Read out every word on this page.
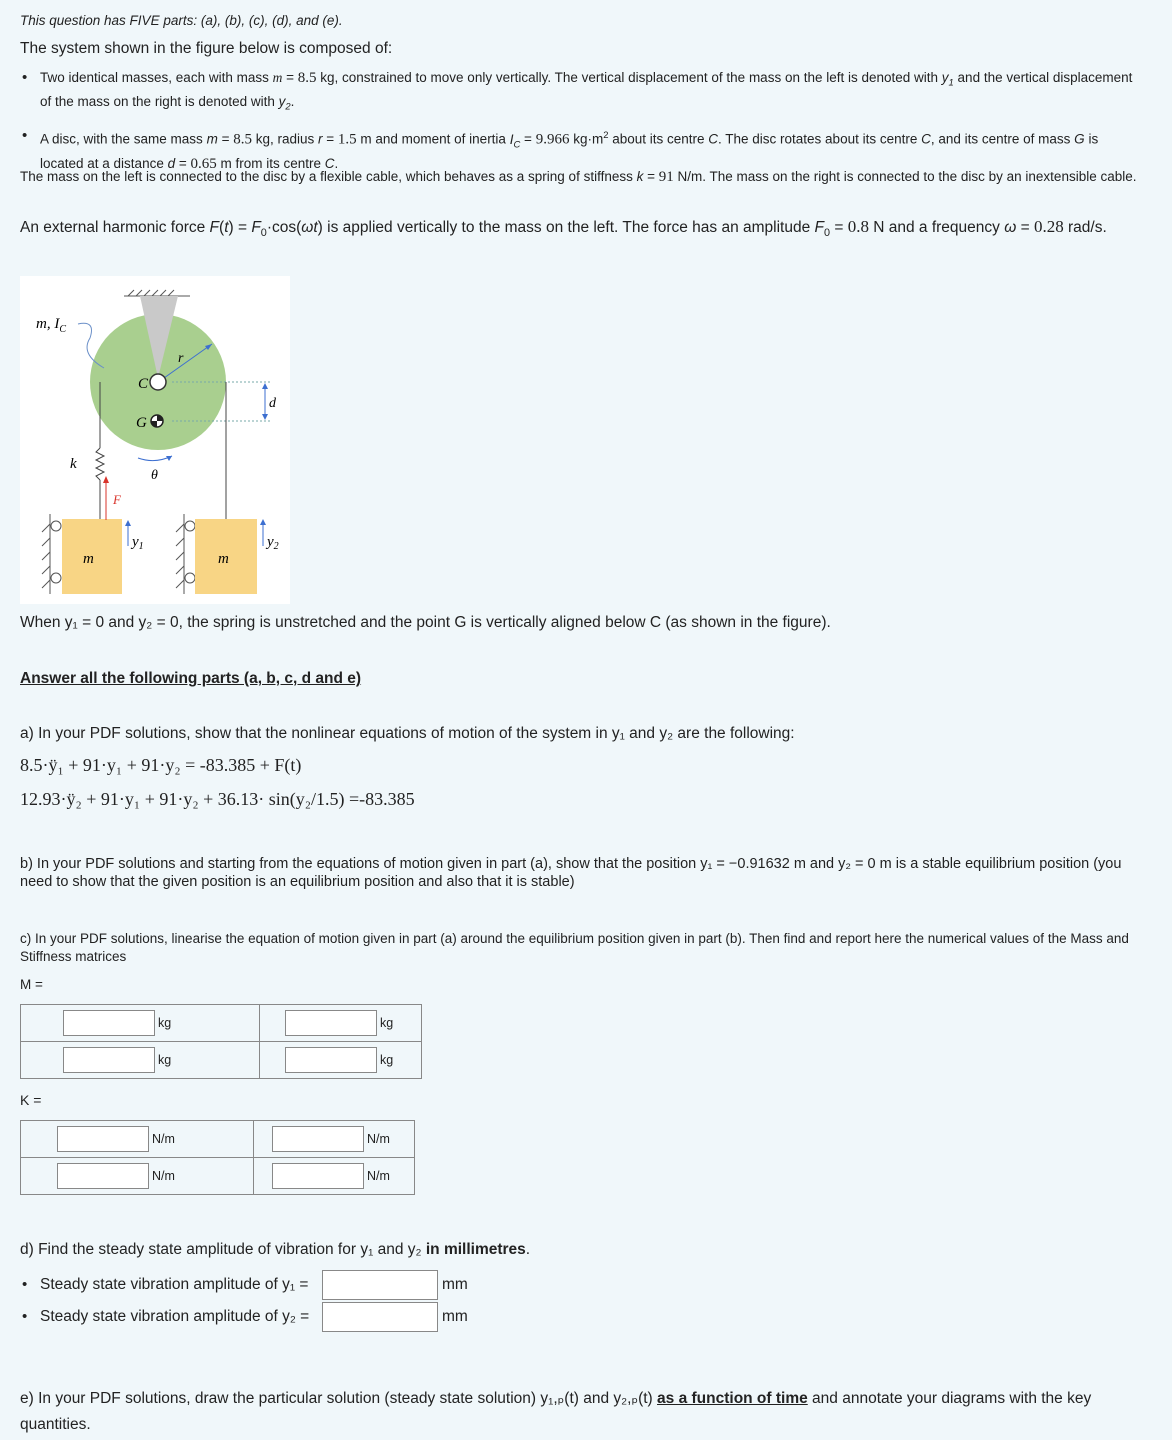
This question has FIVE parts: (a), (b), (c), (d), and (e).
The system shown in the figure below is composed of:
• Two identical masses, each with mass m = 8.5 kg, constrained to move only vertically. The vertical displacement of the mass on the left is denoted with $y_1$ and the vertical displacement of the mass on the right is denoted with $y_2$.
• A disc, with the same mass m = 8.5 kg, radius r = 1.5 m and moment of inertia $I_C = 9.966$ $kg\cdot m^2$ about its centre C. The disc rotates about its centre C, and its centre of mass G is located at a distance d = 0.65 m from its centre C.
The mass on the left is connected to the disc by a flexible cable, which behaves as a spring of stiffness k = 91 N/m. The mass on the right is connected to the disc by an inextensible cable.
An external harmonic force $F(t) = F_0\cdot\cos(\omega t)$ is applied vertically to the mass on the left. The force has an amplitude $F_0 = 0.8$ N and a frequency ω = 0.28 rad/s.
r
C
G
θ
d
m, $I_C$
k
m
F
$y_1$
m
$y_2$
When y₁ = 0 and y₂ = 0, the spring is unstretched and the point G is vertically aligned below C (as shown in the figure).
Answer all the following parts (a, b, c, d and e)
a) In your PDF solutions, show that the nonlinear equations of motion of the system in y₁ and y₂ are the following:
8.5·ÿ₁ + 91·y₁ + 91·y₂ = -83.385 + F(t)
12.93·ÿ₂ + 91·y₁ + 91·y₂ + 36.13· sin(y₂/1.5) =-83.385
b) In your PDF solutions and starting from the equations of motion given in part (a), show that the position y₁ = −0.91632 m and y₂ = 0 m is a stable equilibrium position (you need to show that the given position is an equilibrium position and also that it is stable)
c) In your PDF solutions, linearise the equation of motion given in part (a) around the equilibrium position given in part (b). Then find and report here the numerical values of the Mass and Stiffness matrices
M =
kg	kg
kg	kg
K =
N/m	N/m
N/m	N/m
d) Find the steady state amplitude of vibration for y₁ and y₂ in millimetres.
• Steady state vibration amplitude of y₁ =	mm
• Steady state vibration amplitude of y₂ =	mm
e) In your PDF solutions, draw the particular solution (steady state solution) y₁,ₚ(t) and y₂,ₚ(t) as a function of time and annotate your diagrams with the key quantities.
